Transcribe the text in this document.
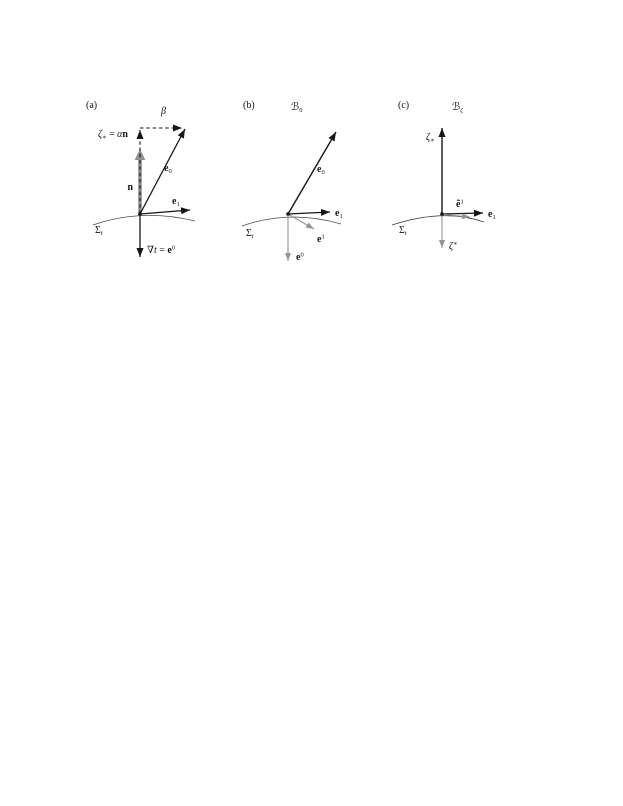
(a)
Σt
n
β
ζ∗ = αn
e0
e1
$\nabla t = e^0$
(b)	ℬ0
Σt
e0
e1
$e^1$
$e^0$
(c)	ℬζ
Σt
ζ∗
e1
ẽ$^1$
ζ∗
